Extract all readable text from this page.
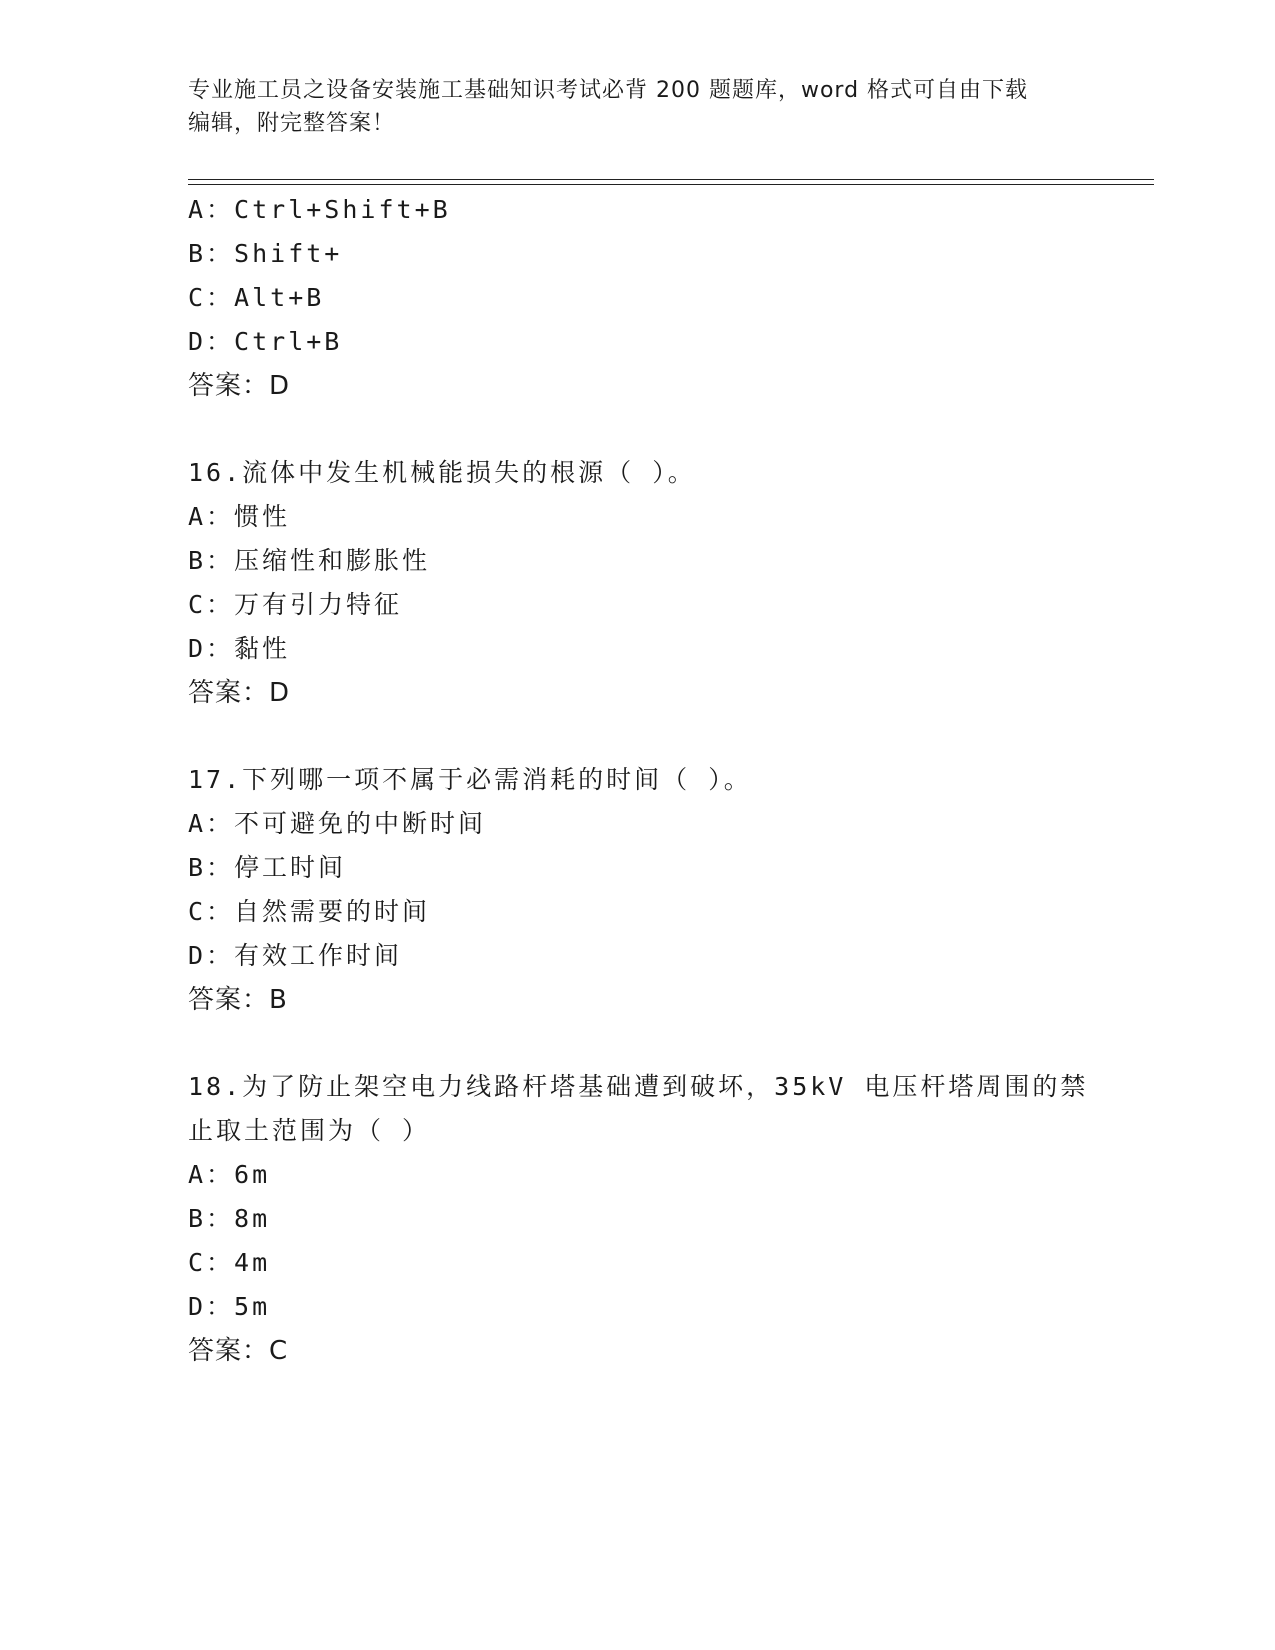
专业施工员之设备安装施工基础知识考试必背 200 题题库，word 格式可自由下载
编辑，附完整答案！
A：Ctrl+Shift+B
B：Shift+
C：Alt+B
D：Ctrl+B
答案：D
16.流体中发生机械能损失的根源（ ）。
A：惯性
B：压缩性和膨胀性
C：万有引力特征
D：黏性
答案：D
17.下列哪一项不属于必需消耗的时间（ ）。
A：不可避免的中断时间
B：停工时间
C：自然需要的时间
D：有效工作时间
答案：B
18.为了防止架空电力线路杆塔基础遭到破坏，35kV 电压杆塔周围的禁
止取土范围为（ ）
A：6m
B：8m
C：4m
D：5m
答案：C
